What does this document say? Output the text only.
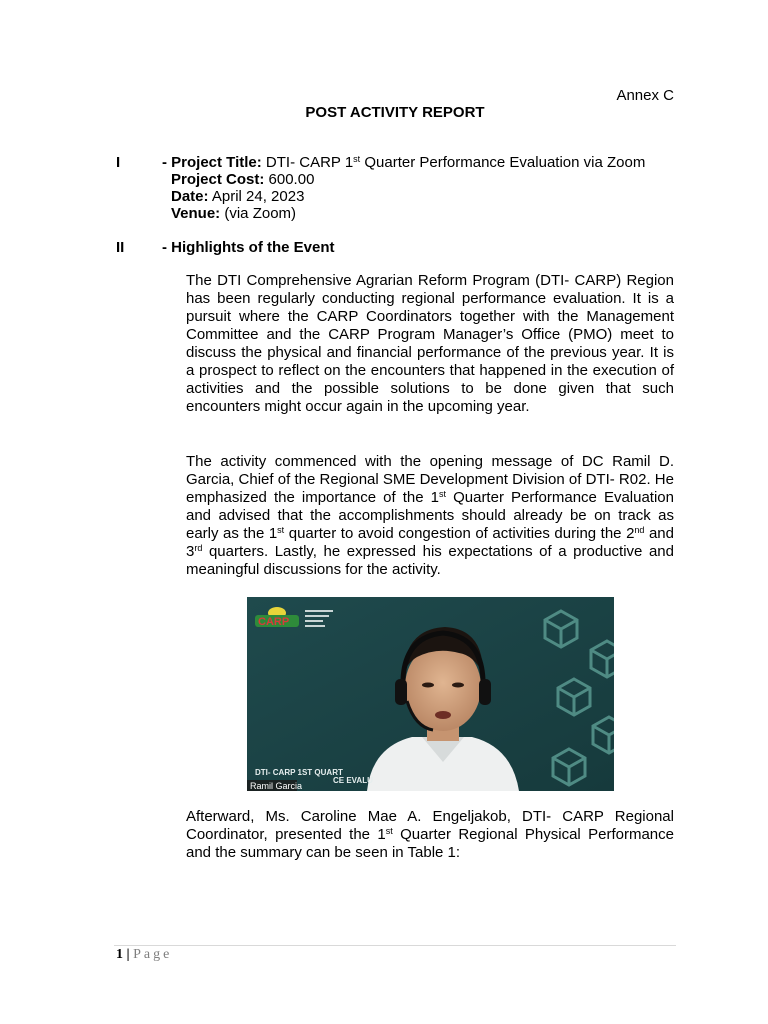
Annex C
POST ACTIVITY REPORT
I	- Project Title: DTI- CARP 1st Quarter Performance Evaluation via Zoom
Project Cost: 600.00
Date: April 24, 2023
Venue: (via Zoom)
II	- Highlights of the Event
The DTI Comprehensive Agrarian Reform Program (DTI- CARP) Region has been regularly conducting regional performance evaluation. It is a pursuit where the CARP Coordinators together with the Management Committee and the CARP Program Manager’s Office (PMO) meet to discuss the physical and financial performance of the previous year. It is a prospect to reflect on the encounters that happened in the execution of activities and the possible solutions to be done given that such encounters might occur again in the upcoming year.
The activity commenced with the opening message of DC Ramil D. Garcia, Chief of the Regional SME Development Division of DTI- R02. He emphasized the importance of the 1st Quarter Performance Evaluation and advised that the accomplishments should already be on track as early as the 1st quarter to avoid congestion of activities during the 2nd and 3rd quarters. Lastly, he expressed his expectations of a productive and meaningful discussions for the activity.
CARP
DTI- CARP 1ST QUART
CE EVALU
Ramil Garcia
Afterward, Ms. Caroline Mae A. Engeljakob, DTI- CARP Regional Coordinator, presented the 1st Quarter Regional Physical Performance and the summary can be seen in Table 1:
1 | Page
